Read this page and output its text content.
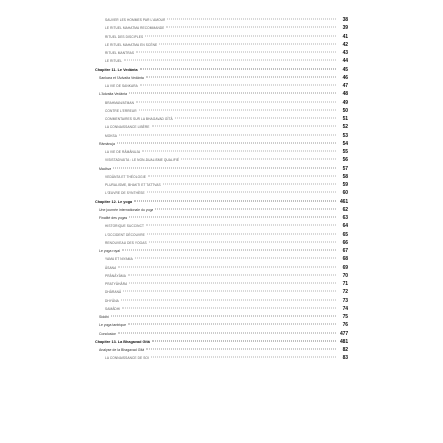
SAUVER LES HOMMES PAR L'AMOUR	38
LE RITUEL MAHATMA RECOMMANDE	39
RITUEL DES DISCIPLES	41
LE RITUEL MAHATMA EN SCÈNE	42
RITUEL MANTRAS	43
LE RITUEL	44
Chapitre 11. Le Vedânta	45
Sankara et l'Advaita Vedânta	46
LA VIE DE SANKARA	47
L'Advaita Vedânta	48
BRAHMAN/ATMAN	49
CONTRE L'ERREUR	50
COMMENTAIRES SUR LA BHAGAVAD GÎTÂ	51
LA CONNAISSANCE LIBÈRE	52
MOKSA	53
Râmânuja	54
LA VIE DE RÂMÂNUJA	55
VISISTADVAITA : LE NON-DUALISME QUALIFIÉ	56
Madhva	57
VEDÂNTA ET THÉOLOGIE	58
PLURALISME, BHAKTI ET TATTVAS	59
L'ŒUVRE DE SYNTHÈSE	60
Chapitre 12. Le yoga	461
Une journée internationale du yoga	62
Finalité des yogas	63
HISTORIQUE SUCCINCT	64
L'OCCIDENT DÉCOUVRE	65
RENOUVEAU DES YOGAS	66
Le yoga royal	67
YAMA ET NIYAMA	68
ÂSANA	69
PRÂNÂYÂMA	70
PRATYÂHÂRA	71
DHÂRANÂ	72
DHYÂNA	73
SAMÂDHI	74
Siddhi	75
Le yoga tantrique	76
Conclusion	477
Chapitre 13. La Bhagavad Gîtâ	481
Analyse de la Bhagavad Gîtâ	82
LA CONNAISSANCE DE SOI	83
